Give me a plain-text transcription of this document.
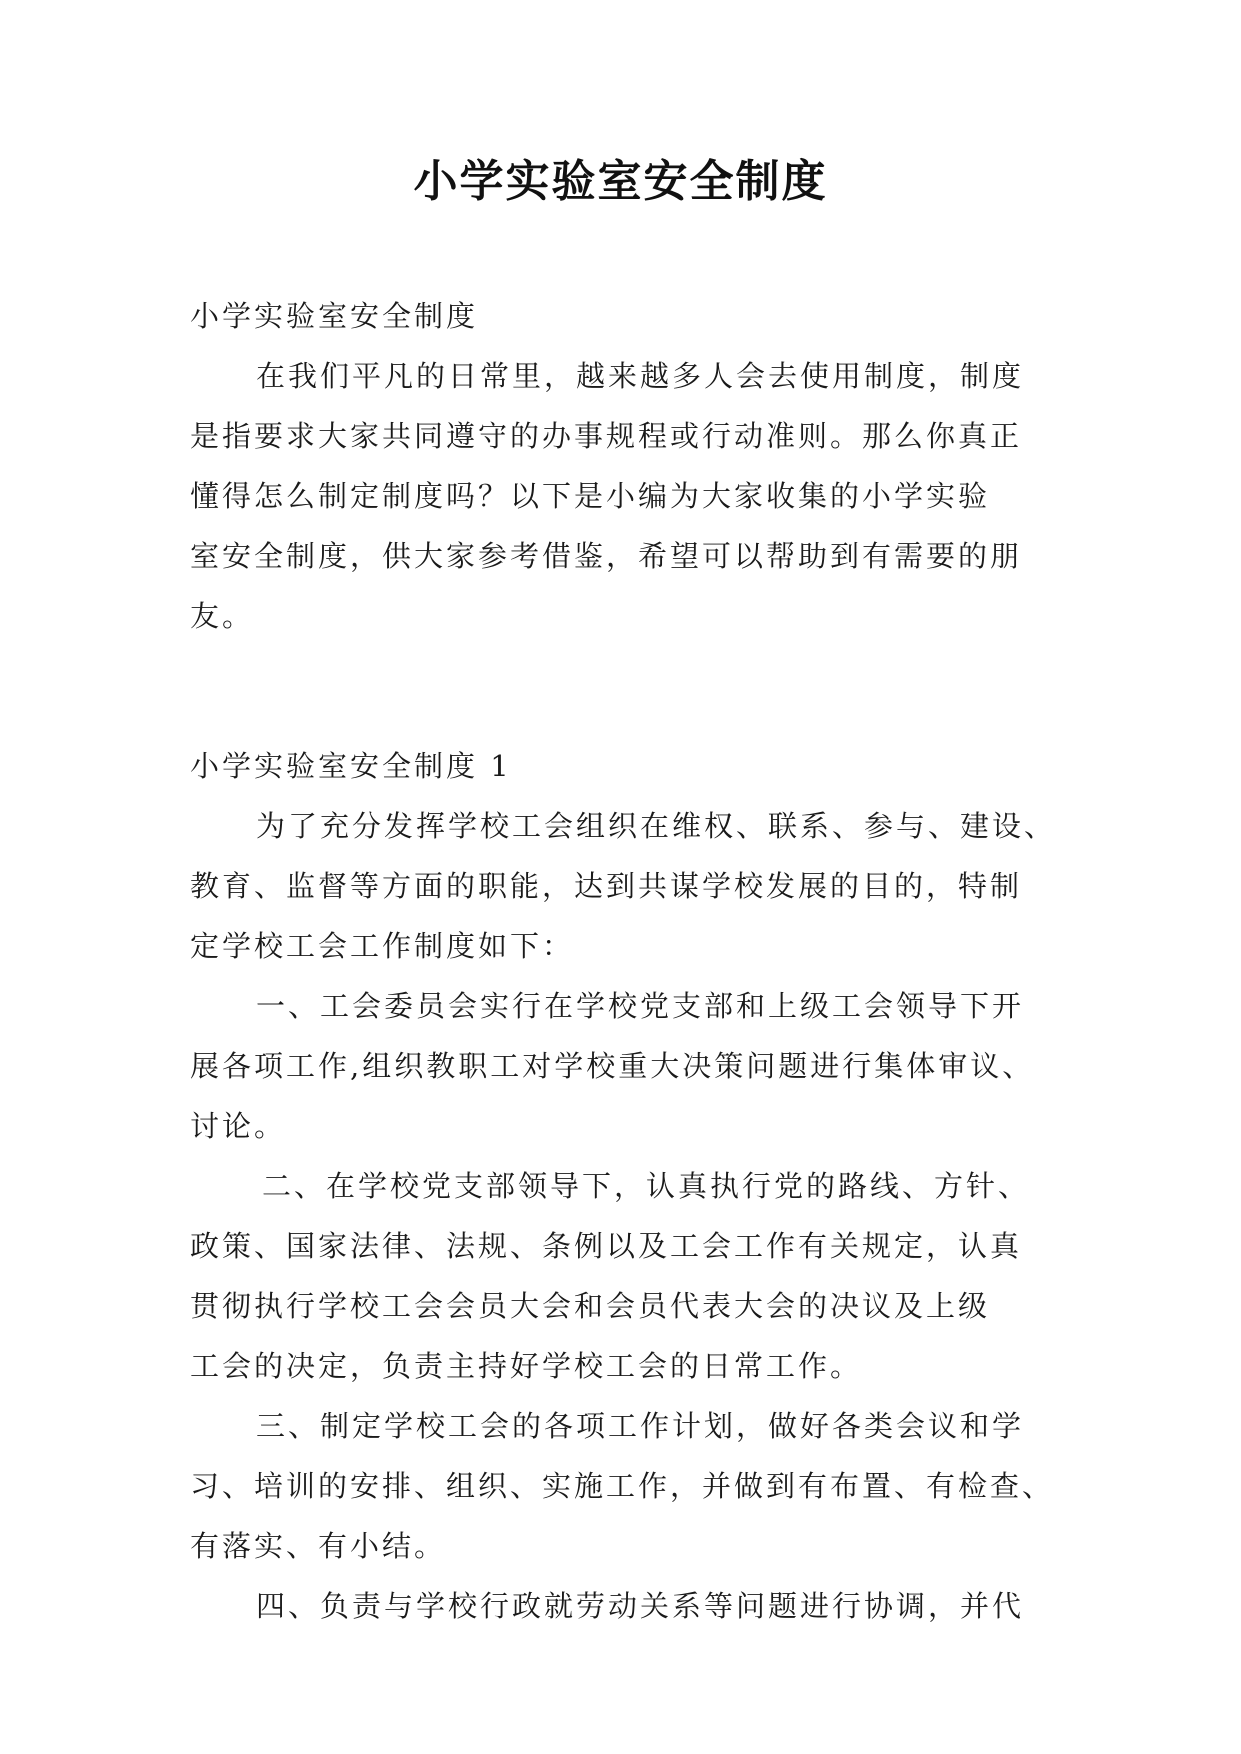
小学实验室安全制度
小学实验室安全制度
在我们平凡的日常里，越来越多人会去使用制度，制度
是指要求大家共同遵守的办事规程或行动准则。那么你真正
懂得怎么制定制度吗？以下是小编为大家收集的小学实验
室安全制度，供大家参考借鉴，希望可以帮助到有需要的朋
友。
小学实验室安全制度 1
为了充分发挥学校工会组织在维权、联系、参与、建设、
教育、监督等方面的职能，达到共谋学校发展的目的，特制
定学校工会工作制度如下：
一、工会委员会实行在学校党支部和上级工会领导下开
展各项工作,组织教职工对学校重大决策问题进行集体审议、
讨论。
二、在学校党支部领导下，认真执行党的路线、方针、
政策、国家法律、法规、条例以及工会工作有关规定，认真
贯彻执行学校工会会员大会和会员代表大会的决议及上级
工会的决定，负责主持好学校工会的日常工作。
三、制定学校工会的各项工作计划，做好各类会议和学
习、培训的安排、组织、实施工作，并做到有布置、有检查、
有落实、有小结。
四、负责与学校行政就劳动关系等问题进行协调，并代
